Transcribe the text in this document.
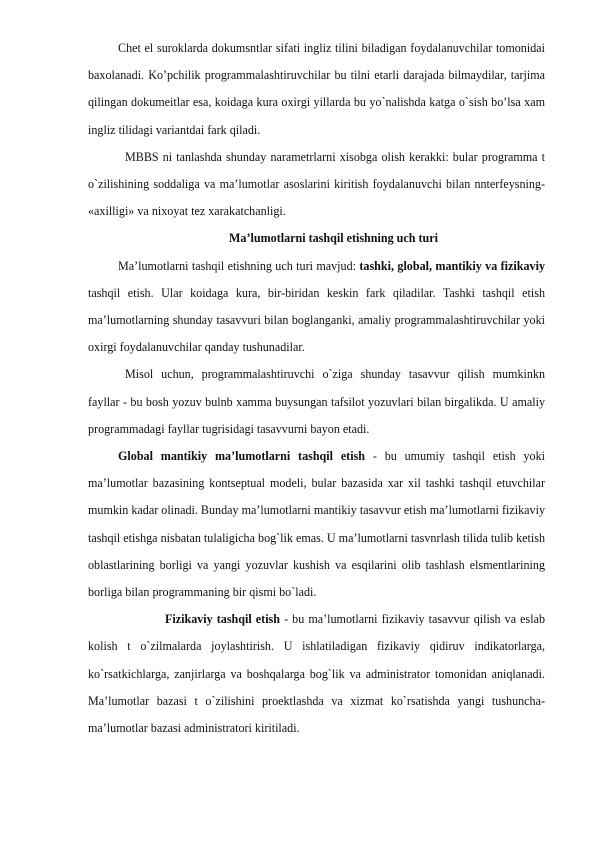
Chet el suroklarda dokumsntlar sifati ingliz tilini biladigan foydalanuvchilar tomonidai baxolanadi. Ko’pchilik programmalashtiruvchilar bu tilni etarli darajada bilmaydilar, tarjima qilingan dokumeitlar esa, koidaga kura oxirgi yillarda bu yo`nalishda katga o`sish bo’lsa xam ingliz tilidagi variantdai fark qiladi.

MBBS ni tanlashda shunday narametrlarni xisobga olish kerakki: bular programma t o`zilishining soddaliga va ma’lumotlar asoslarini kiritish foydalanuvchi bilan nnterfeysning- «axilligi» va nixoyat tez xarakatchanligi.

Ma’lumotlarni tashqil etishning uch turi

Ma’lumotlarni tashqil etishning uch turi mavjud: tashki, global, mantikiy va fizikaviy tashqil etish. Ular koidaga kura, bir-biridan keskin fark qiladilar. Tashki tashqil etish ma’lumotlarning shunday tasavvuri bilan boglanganki, amaliy programmalashtiruvchilar yoki oxirgi foydalanuvchilar qanday tushunadilar.

Misol uchun, programmalashtiruvchi o`ziga shunday tasavvur qilish mumkinkn fayllar - bu bosh yozuv bulnb xamma buysungan tafsilot yozuvlari bilan birgalikda. U amaliy programmadagi fayllar tugrisidagi tasavvurni bayon etadi.

Global mantikiy ma’lumotlarni tashqil etish - bu umumiy tashqil etish yoki ma’lumotlar bazasining kontseptual modeli, bular bazasida xar xil tashki tashqil etuvchilar mumkin kadar olinadi. Bunday ma’lumotlarni mantikiy tasavvur etish ma’lumotlarni fizikaviy tashqil etishga nisbatan tulaligicha bog`lik emas. U ma’lumotlarni tasvnrlash tilida tulib ketish oblastlarining borligi va yangi yozuvlar kushish va esqilarini olib tashlash elsmentlarining borliga bilan programmaning bir qismi bo`ladi.

Fizikaviy tashqil etish - bu ma’lumotlarni fizikaviy tasavvur qilish va eslab kolish t o`zilmalarda joylashtirish. U ishlatiladigan fizikaviy qidiruv indikatorlarga, ko`rsatkichlarga, zanjirlarga va boshqalarga bog`lik va administrator tomonidan aniqlanadi. Ma’lumotlar bazasi t o`zilishini proektlashda va xizmat ko`rsatishda yangi tushuncha-ma’lumotlar bazasi administratori kiritiladi.
